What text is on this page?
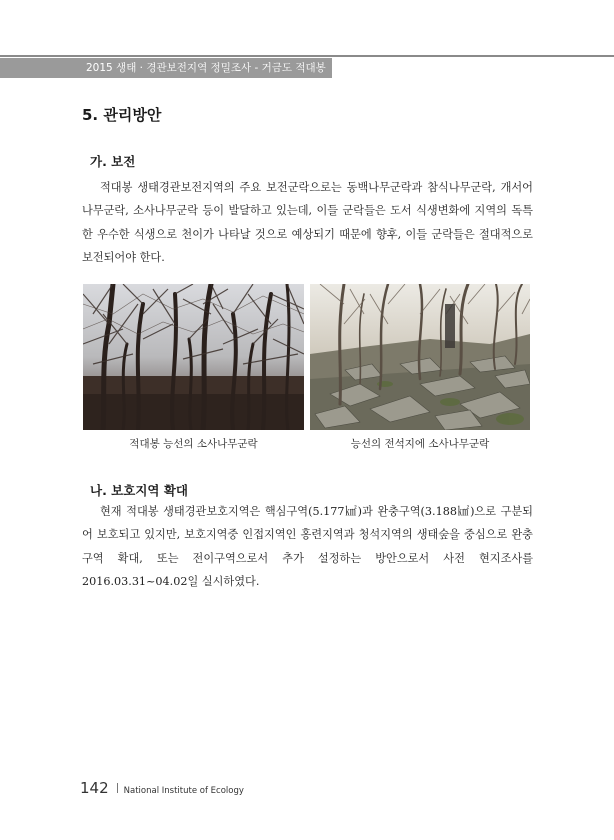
2015 생태 · 경관보전지역 정밀조사 - 거금도 적대봉
5. 관리방안
가. 보전

적대봉 생태경관보전지역의 주요 보전군락으로는 동백나무군락과 참식나무군락, 개서어나무군락, 소사나무군락 등이 발달하고 있는데, 이들 군락들은 도서 식생변화에 지역의 독특한 우수한 식생으로 천이가 나타날 것으로 예상되기 때문에 향후, 이들 군락들은 절대적으로 보전되어야 한다.

적대봉 능선의 소사나무군락	능선의 전석지에 소사나무군락
나. 보호지역 확대

현재 적대봉 생태경관보호지역은 핵심구역(5.177㎢)과 완충구역(3.188㎢)으로 구분되어 보호되고 있지만, 보호지역중 인접지역인 홍련지역과 청석지역의 생태숲을 중심으로 완충구역 확대, 또는 전이구역으로서 추가 설정하는 방안으로서 사전 현지조사를 2016.03.31~04.02일 실시하였다.

142 National Institute of Ecology
